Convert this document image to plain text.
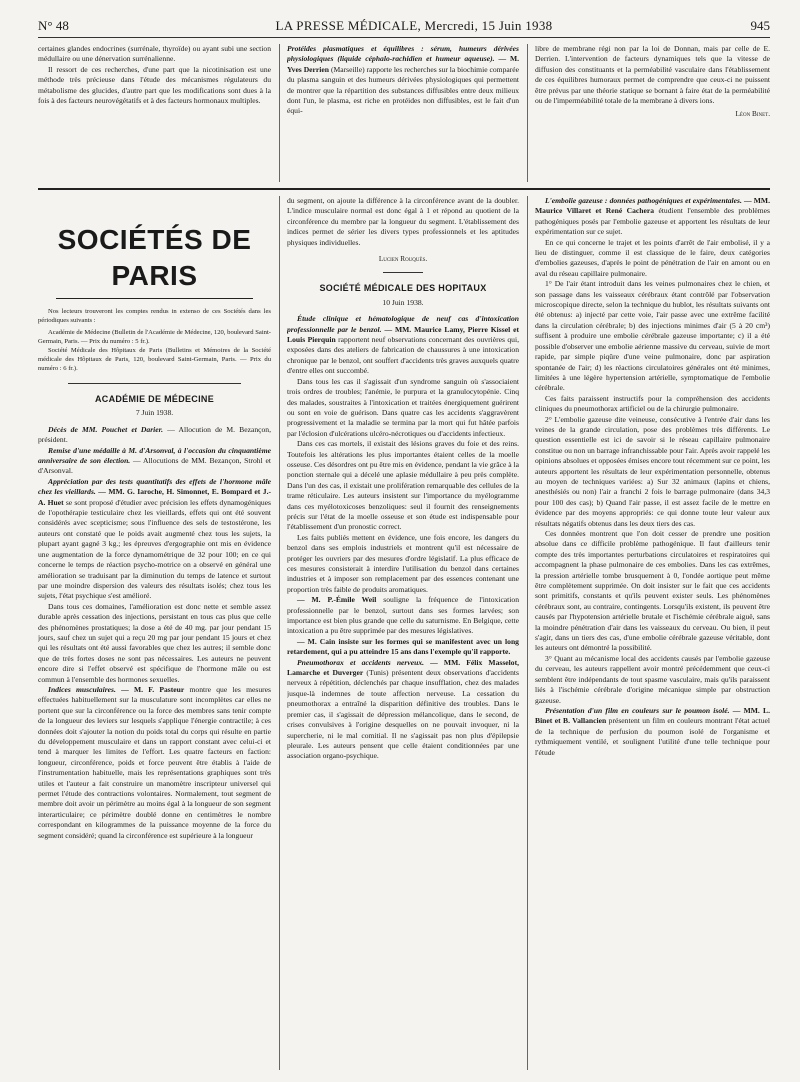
N° 48	LA PRESSE MÉDICALE, Mercredi, 15 Juin 1938	945

certaines glandes endocrines (surrénale, thyroïde) ou ayant subi une section médullaire ou une dénervation surrénalienne.

Il ressort de ces recherches, d'une part que la nicotinisation est une méthode très précieuse dans l'étude des mécanismes régulateurs du métabolisme des glucides, d'autre part que les modifications sont dues à la fois à des facteurs neurovégétatifs et à des facteurs hormonaux multiples.

Protéides plasmatiques et équilibres : sérum, humeurs dérivées physiologiques (liquide céphalo-rachidien et humeur aqueuse). — M. Yves Derrien (Marseille) rapporte les recherches sur la biochimie comparée du plasma sanguin et des humeurs dérivées physiologiques qui permettent de montrer que la répartition des substances diffusibles entre deux milieux dont l'un, le plasma, est riche en protéides non diffusibles, est le fait d'un équi-

libre de membrane régi non par la loi de Donnan, mais par celle de E. Derrien. L'intervention de facteurs dynamiques tels que la vitesse de diffusion des constituants et la perméabilité vasculaire dans l'établissement de ces équilibres humoraux permet de comprendre que ceux-ci ne puissent être prévus par une théorie statique se bornant à faire état de la perméabilité ou de l'imperméabilité totale de la membrane à divers ions.

Léon Binet.
SOCIÉTÉS DE PARIS

Nos lecteurs trouveront les comptes rendus in extenso de ces Sociétés dans les périodiques suivants :

Académie de Médecine (Bulletin de l'Académie de Médecine, 120, boulevard Saint-Germain, Paris. — Prix du numéro : 5 fr.).

Société Médicale des Hôpitaux de Paris (Bulletins et Mémoires de la Société médicale des Hôpitaux de Paris, 120, boulevard Saint-Germain, Paris. — Prix du numéro : 6 fr.).

ACADÉMIE DE MÉDECINE
7 Juin 1938.

Décès de MM. Pouchet et Darier. — Allocution de M. Bezançon, président.

Remise d'une médaille à M. d'Arsonval, à l'occasion du cinquantième anniversaire de son élection. — Allocutions de MM. Bezançon, Strohl et d'Arsonval.

Appréciation par des tests quantitatifs des effets de l'hormone mâle chez les vieillards. — MM. G. Iaroche, H. Simonnet, E. Bompard et J.-A. Huet se sont proposé d'étudier avec précision les effets dynamogéniques de l'opothérapie testiculaire chez les vieillards, effets qui ont été souvent considérés avec scepticisme; sous l'influence des sels de testostérone, les auteurs ont constaté que le poids avait augmenté chez tous les sujets, la plupart ayant gagné 3 kg.; les épreuves d'ergographie ont mis en évidence une augmentation de la force dynamométrique de 32 pour 100; en ce qui concerne le temps de réaction psycho-motrice on a observé en général une amélioration se traduisant par la diminution du temps de latence et surtout par une moindre dispersion des valeurs des résultats isolés; chez tous les sujets, l'état psychique s'est amélioré.

Dans tous ces domaines, l'amélioration est donc nette et semble assez durable après cessation des injections, persistant en tous cas plus que celle des phénomènes prostatiques; la dose a été de 40 mg. par jour pendant 15 jours, sauf chez un sujet qui a reçu 20 mg par jour pendant 15 jours et chez qui les résultats ont été aussi favorables que chez les autres; il semble donc que de très fortes doses ne sont pas nécessaires. Les auteurs ne peuvent encore dire si l'effet observé est spécifique de l'hormone mâle ou est commun à l'ensemble des hormones sexuelles.

Indices musculaires. — M. F. Pasteur montre que les mesures effectuées habituellement sur la musculature sont incomplètes car elles ne portent que sur la circonférence ou la force des membres sans tenir compte de la longueur des leviers sur lesquels s'applique l'énergie contractile; à ces données doit s'ajouter la notion du poids total du corps qui résulte en partie du développement musculaire et dans un rapport constant avec celui-ci et tend à marquer les limites de l'effort. Les quatre facteurs en faction: longueur, circonférence, poids et force peuvent être établis à l'aide de l'instrumentation habituelle, mais les représentations graphiques sont très utiles et l'auteur a fait construire un manomètre inscripteur universel qui permet l'étude des contractions volontaires. Normalement, tout segment de membre doit avoir un périmètre au moins égal à la longueur de son segment interarticulaire; ce périmètre doublé donne en centimètres le nombre correspondant en kilogrammes de la puissance moyenne de la force du segment considéré; quand la circonférence est supérieure à la longueur

du segment, on ajoute la différence à la circonférence avant de la doubler. L'indice musculaire normal est donc égal à 1 et répond au quotient de la circonférence du membre par la longueur du segment. L'établissement des indices permet de sérier les divers types professionnels et les aptitudes physiques individuelles.

Lucien Rouquès.
SOCIÉTÉ MÉDICALE DES HOPITAUX
10 Juin 1938.

Étude clinique et hématologique de neuf cas d'intoxication professionnelle par le benzol. — MM. Maurice Lamy, Pierre Kissel et Louis Pierquin rapportent neuf observations concernant des ouvrières qui, exposées dans des ateliers de fabrication de chaussures à une intoxication chronique par le benzol, ont souffert d'accidents très graves auxquels quatre d'entre elles ont succombé.

Dans tous les cas il s'agissait d'un syndrome sanguin où s'associaient trois ordres de troubles; l'anémie, le purpura et la granulocytopénie. Cinq des malades, soustraites à l'intoxication et traitées énergiquement guérirent ou sont en voie de guérison. Dans quatre cas les accidents s'aggravèrent progressivement et la maladie se termina par la mort qui fut hâtée parfois par l'éclosion d'ulcérations ulcéro-nécrotiques ou d'accidents infectieux.

Dans ces cas mortels, il existait des lésions graves du foie et des reins. Toutefois les altérations les plus importantes étaient celles de la moelle osseuse. Ces désordres ont pu être mis en évidence, pendant la vie grâce à la ponction sternale qui a décelé une aplasie médullaire à peu près complète. Dans l'un des cas, il existait une prolifération remarquable des cellules de la trame réticulaire. Les auteurs insistent sur l'importance du myélogramme dans ces myélotoxicoses benzoliques: seul il fournit des renseignements précis sur l'état de la moelle osseuse et son étude est indispensable pour l'établissement d'un pronostic correct.

Les faits publiés mettent en évidence, une fois encore, les dangers du benzol dans ses emplois industriels et montrent qu'il est nécessaire de protéger les ouvriers par des mesures d'ordre législatif. La plus efficace de ces mesures consisterait à interdire l'utilisation du benzol dans certaines industries et à imposer son remplacement par des essences contenant une proportion très faible de produits aromatiques.

— M. P.-Émile Weil souligne la fréquence de l'intoxication professionnelle par le benzol, surtout dans ses formes larvées; son importance est bien plus grande que celle du saturnisme. En Belgique, cette intoxication a pu être supprimée par des mesures législatives.

— M. Cain insiste sur les formes qui se manifestent avec un long retardement, qui a pu atteindre 15 ans dans l'exemple qu'il rapporte.

Pneumothorax et accidents nerveux. — MM. Félix Masselot, Lamarche et Duverger (Tunis) présentent deux observations d'accidents nerveux à répétition, déclenchés par chaque insufflation, chez des malades jusque-là indemnes de toute affection nerveuse. La cessation du pneumothorax a entraîné la disparition définitive des troubles. Dans le premier cas, il s'agissait de dépression mélancolique, dans le second, de crises convulsives à l'origine desquelles on ne pouvait invoquer, ni la supercherie, ni le mal comitial. Il ne s'agissait pas non plus d'épilepsie pleurale. Les auteurs pensent que celle étaient conditionnées par une association organo-psychique.

L'embolie gazeuse : données pathogéniques et expérimentales. — MM. Maurice Villaret et René Cachera étudient l'ensemble des problèmes pathogéniques posés par l'embolie gazeuse et apportent les résultats de leur expérimentation sur ce sujet.

En ce qui concerne le trajet et les points d'arrêt de l'air embolisé, il y a lieu de distinguer, comme il est classique de le faire, deux catégories d'embolies gazeuses, d'après le point de pénétration de l'air en amont ou en aval du réseau capillaire pulmonaire.

1° De l'air étant introduit dans les veines pulmonaires chez le chien, et son passage dans les vaisseaux cérébraux étant contrôlé par l'observation microscopique directe, selon la technique du hublot, les résultats suivants ont été obtenus: a) injecté par cette voie, l'air passe avec une extrême facilité dans la circulation cérébrale; b) des injections minimes d'air (5 à 20 cm³) suffisent à produire une embolie cérébrale gazeuse importante; c) il a été possible d'observer une embolie aérienne massive du cerveau, suivie de mort rapide, par simple piqûre d'une veine pulmonaire, donc par aspiration spontanée de l'air; d) les réactions circulatoires générales ont été minimes, limitées à une légère hypertension artérielle, symptomatique de l'embolie cérébrale.

Ces faits paraissent instructifs pour la compréhension des accidents cliniques du pneumothorax artificiel ou de la chirurgie pulmonaire.

2° L'embolie gazeuse dite veineuse, consécutive à l'entrée d'air dans les veines de la grande circulation, pose des problèmes très différents. Le question essentielle est ici de savoir si le réseau capillaire pulmonaire constitue ou non un barrage infranchissable pour l'air. Après avoir rappelé les opinions absolues et opposées émises encore tout récemment sur ce point, les auteurs apportent les résultats de leur expérimentation personnelle, obtenus au moyen de techniques variées: a) Sur 32 animaux (lapins et chiens, anesthésiés ou non) l'air a franchi 2 fois le barrage pulmonaire (dans 34,3 pour 100 des cas); b) Quand l'air passe, il est assez facile de le mettre en évidence par des moyens appropriés: ce qui donne toute leur valeur aux résultats négatifs obtenus dans les deux tiers des cas.

Ces données montrent que l'on doit cesser de prendre une position absolue dans ce difficile problème pathogénique. Il faut d'ailleurs tenir compte des très importantes perturbations circulatoires et respiratoires qui accompagnent la phase pulmonaire de ces embolies. Dans les cas extrêmes, la pression artérielle tombe brusquement à 0, l'ondée aortique peut même être complètement supprimée. On doit insister sur le fait que ces accidents sont primitifs, constants et qu'ils peuvent exister seuls. Les phénomènes cérébraux sont, au contraire, contingents. Lorsqu'ils existent, ils peuvent être causés par l'hypotension artérielle brutale et l'ischémie cérébrale aiguë, sans la moindre pénétration d'air dans les vaisseaux du cerveau. Ou bien, il peut s'agir, dans un tiers des cas, d'une embolie cérébrale gazeuse véritable, dont les auteurs ont démontré la possibilité.

3° Quant au mécanisme local des accidents causés par l'embolie gazeuse du cerveau, les auteurs rappellent avoir montré précédemment que ceux-ci semblent être indépendants de tout spasme vasculaire, mais qu'ils paraissent liés à l'ischémie cérébrale d'origine mécanique simple par obstruction gazeuse.

Présentation d'un film en couleurs sur le poumon isolé. — MM. L. Binet et B. Vallancien présentent un film en couleurs montrant l'état actuel de la technique de perfusion du poumon isolé de l'organisme et rythmiquement ventilé, et soulignent l'utilité d'une telle technique pour l'étude
